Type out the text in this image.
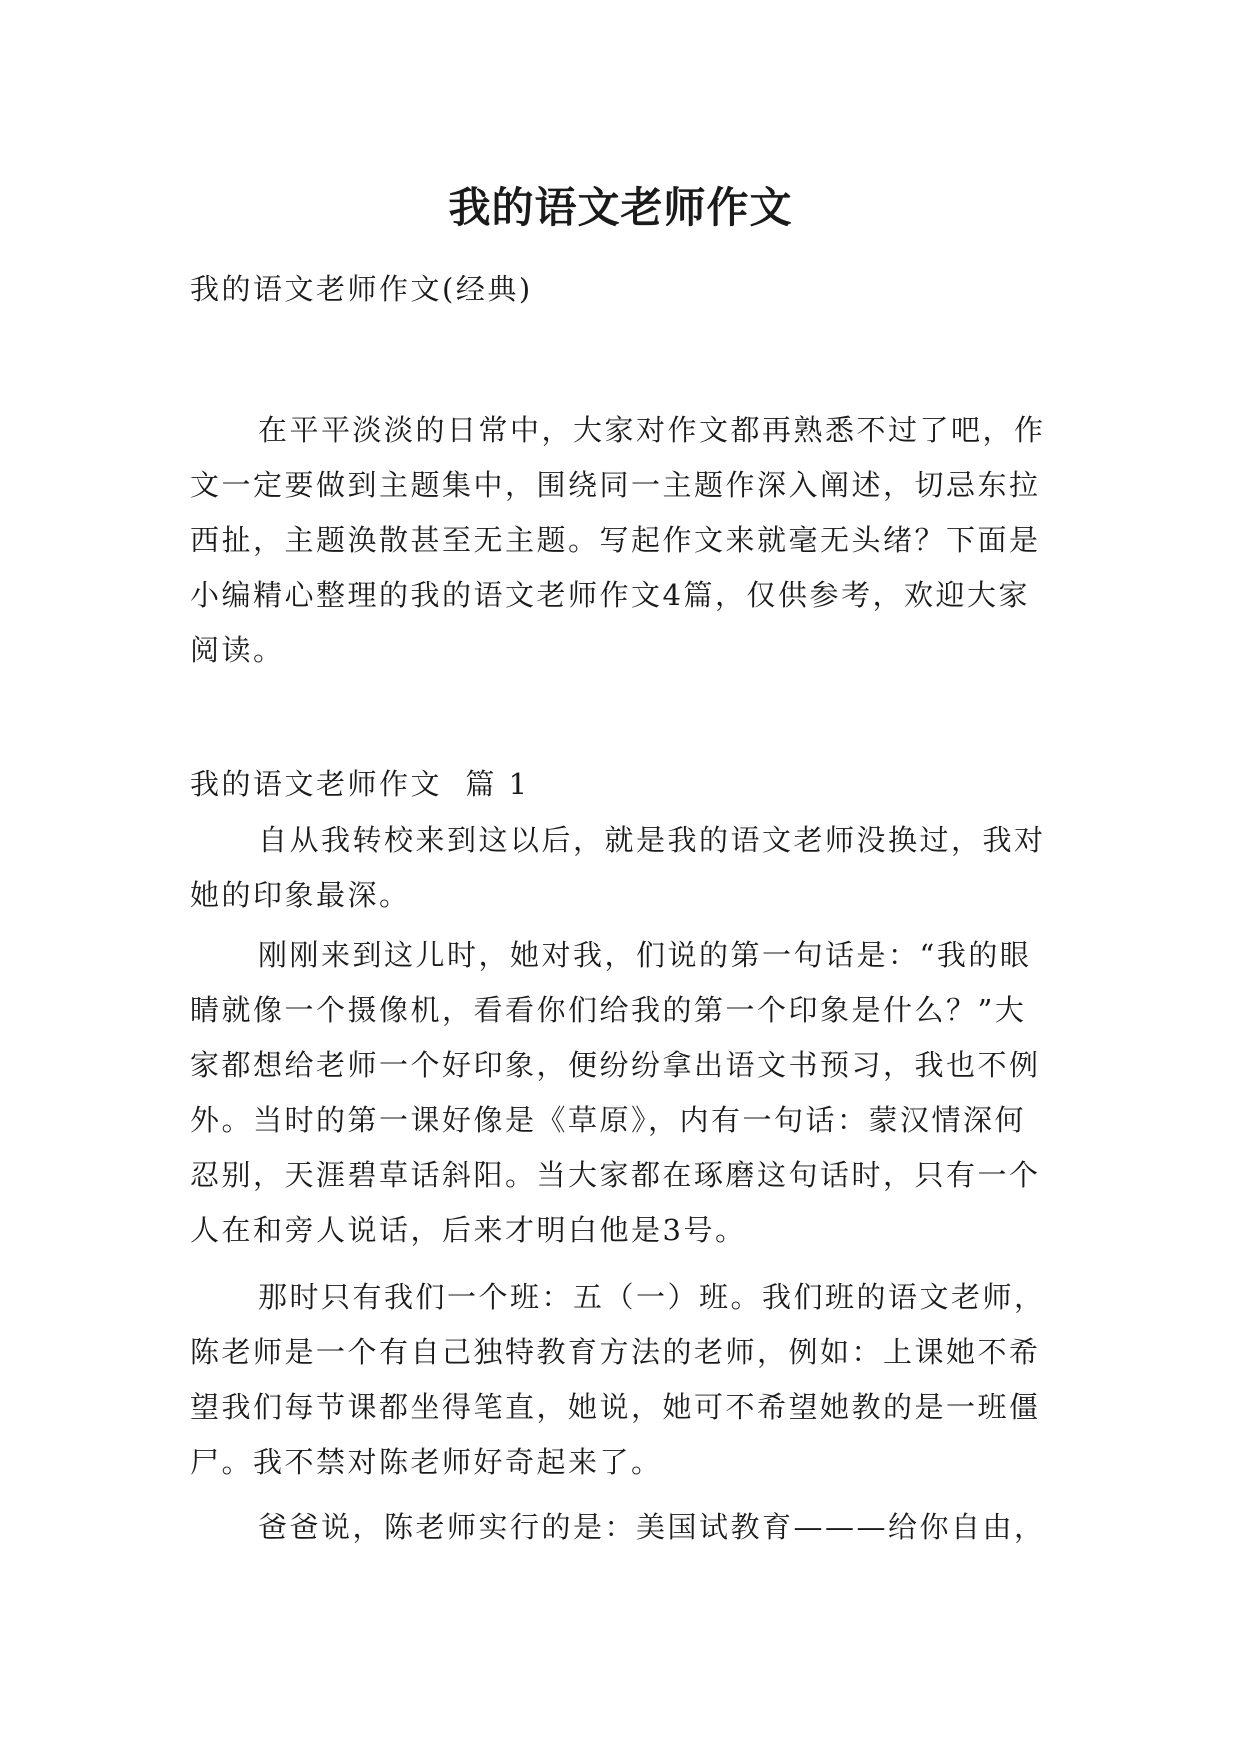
我的语文老师作文

我的语文老师作文(经典)

在平平淡淡的日常中，大家对作文都再熟悉不过了吧，作文一定要做到主题集中，围绕同一主题作深入阐述，切忌东拉西扯，主题涣散甚至无主题。写起作文来就毫无头绪？下面是小编精心整理的我的语文老师作文4篇，仅供参考，欢迎大家阅读。

我的语文老师作文  篇 1

自从我转校来到这以后，就是我的语文老师没换过，我对她的印象最深。

刚刚来到这儿时，她对我，们说的第一句话是：“我的眼睛就像一个摄像机，看看你们给我的第一个印象是什么？”大家都想给老师一个好印象，便纷纷拿出语文书预习，我也不例外。当时的第一课好像是《草原》，内有一句话：蒙汉情深何忍别，天涯碧草话斜阳。当大家都在琢磨这句话时，只有一个人在和旁人说话，后来才明白他是3号。

那时只有我们一个班：五（一）班。我们班的语文老师，陈老师是一个有自己独特教育方法的老师，例如：上课她不希望我们每节课都坐得笔直，她说，她可不希望她教的是一班僵尸。我不禁对陈老师好奇起来了。

爸爸说，陈老师实行的是：美国试教育———给你自由，
